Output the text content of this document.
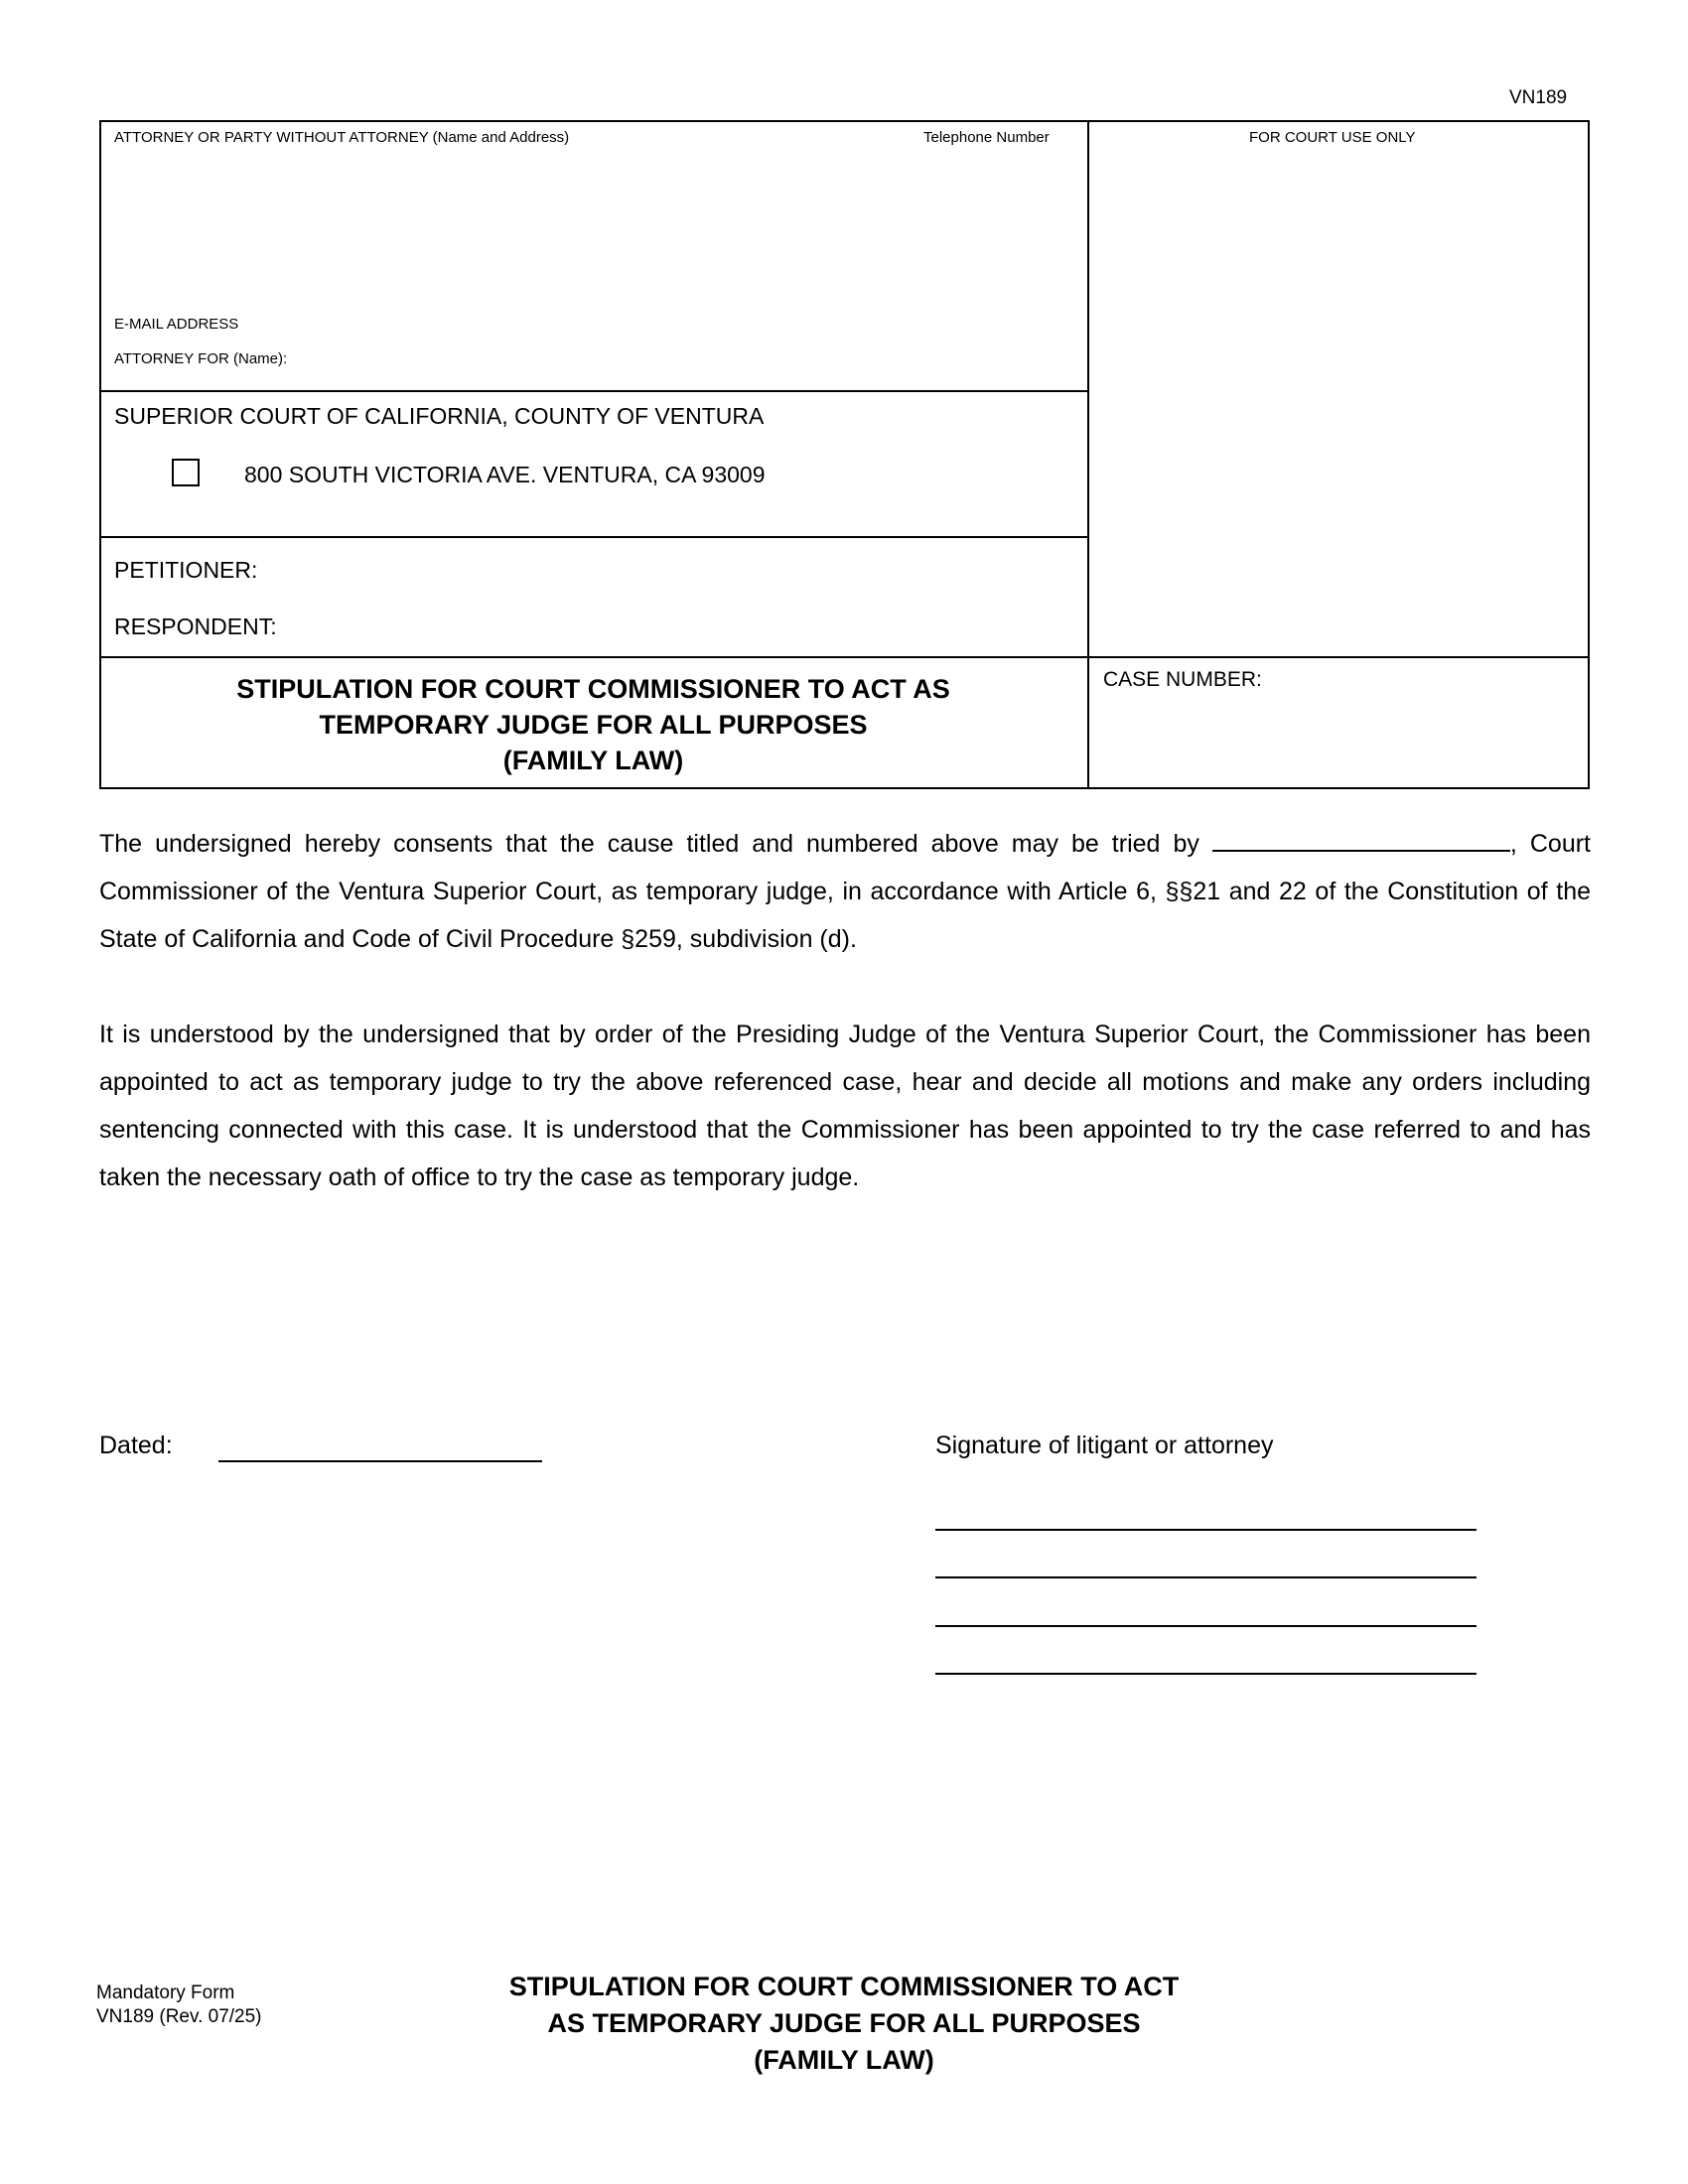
VN189
ATTORNEY OR PARTY WITHOUT ATTORNEY (Name and Address)	Telephone Number	FOR COURT USE ONLY
E-MAIL ADDRESS
ATTORNEY FOR (Name):
SUPERIOR COURT OF CALIFORNIA, COUNTY OF VENTURA
800 SOUTH VICTORIA AVE. VENTURA, CA 93009
PETITIONER:
RESPONDENT:
STIPULATION FOR COURT COMMISSIONER TO ACT AS
TEMPORARY JUDGE FOR ALL PURPOSES
(FAMILY LAW)
CASE NUMBER:

The undersigned hereby consents that the cause titled and numbered above may be tried by	, Court Commissioner of the Ventura Superior Court, as temporary judge, in accordance with Article 6, §§21 and 22 of the Constitution of the State of California and Code of Civil Procedure §259, subdivision (d).

It is understood by the undersigned that by order of the Presiding Judge of the Ventura Superior Court, the Commissioner has been appointed to act as temporary judge to try the above referenced case, hear and decide all motions and make any orders including sentencing connected with this case. It is understood that the Commissioner has been appointed to try the case referred to and has taken the necessary oath of office to try the case as temporary judge.

Dated:	Signature of litigant or attorney
Mandatory Form
VN189 (Rev. 07/25)
STIPULATION FOR COURT COMMISSIONER TO ACT
AS TEMPORARY JUDGE FOR ALL PURPOSES
(FAMILY LAW)
